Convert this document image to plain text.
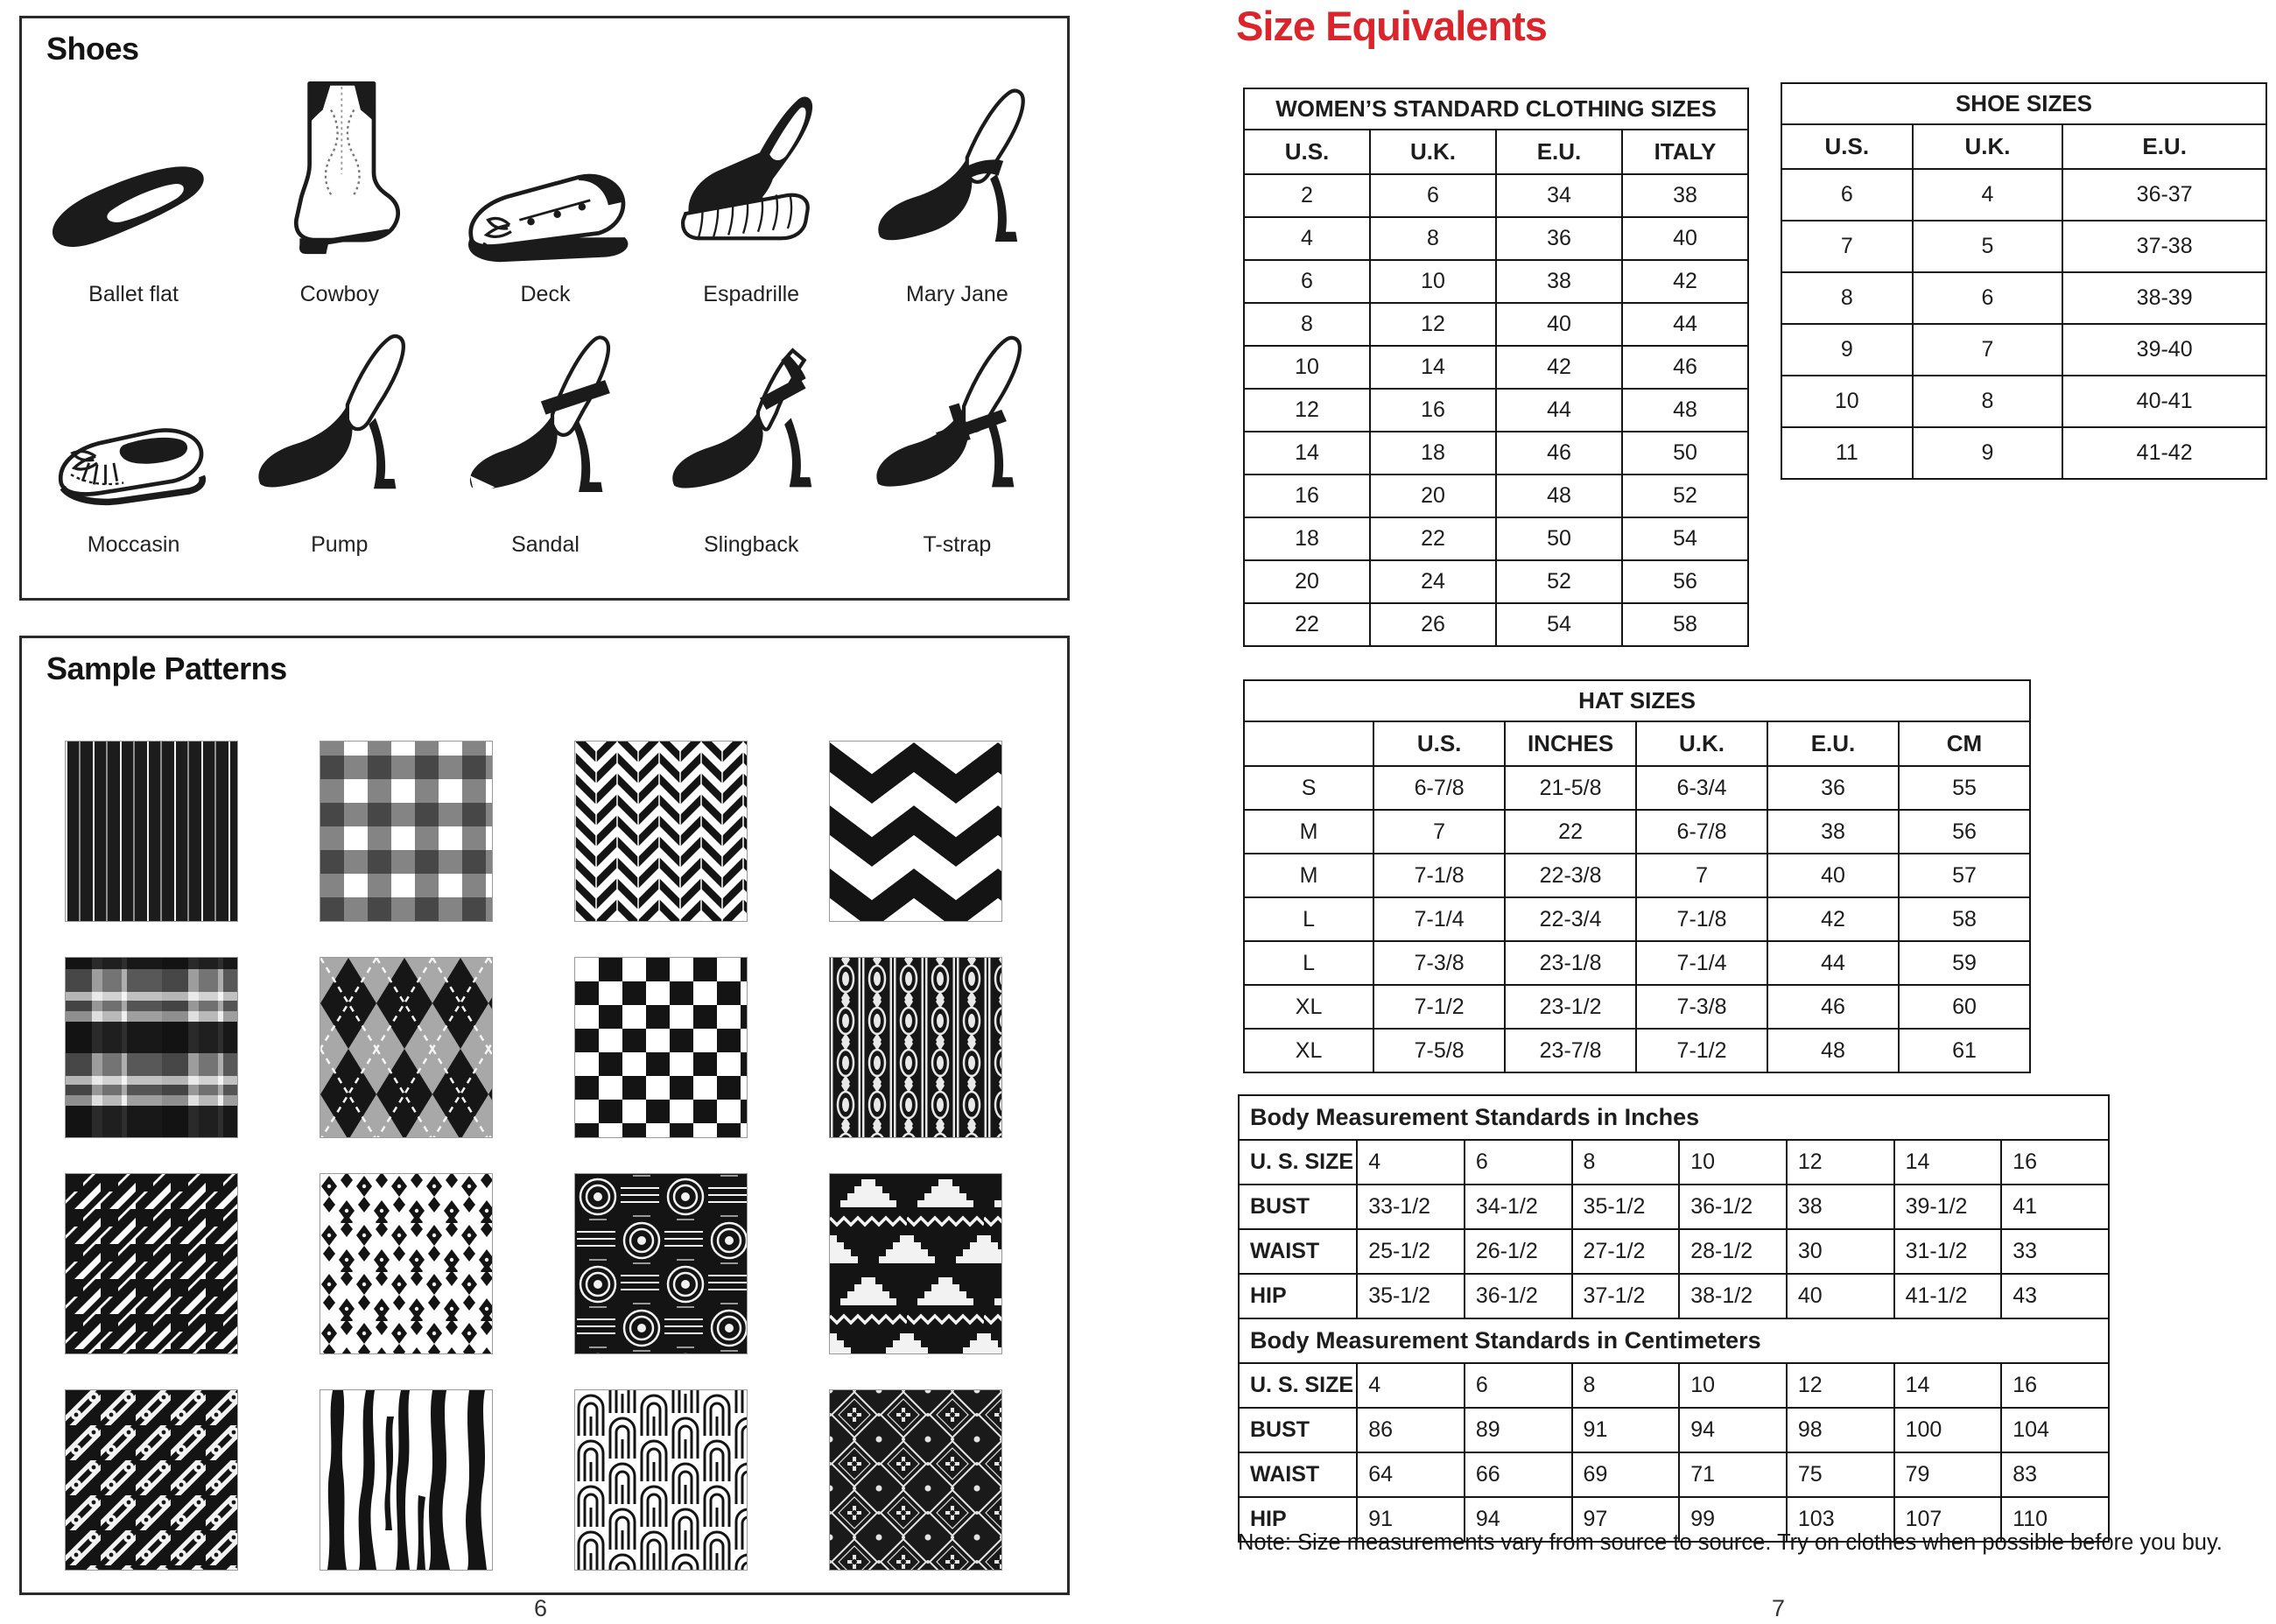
Shoes
Ballet flat	Cowboy	Deck	Espadrille	Mary Jane
Moccasin	Pump	Sandal	Slingback	T-strap
Sample Patterns
Size Equivalents
WOMEN’S STANDARD CLOTHING SIZES			
U.S.	U.K.	E.U.	ITALY
2	6	34	38
4	8	36	40
6	10	38	42
8	12	40	44
10	14	42	46
12	16	44	48
14	18	46	50
16	20	48	52
18	22	50	54
20	24	52	56
22	26	54	58
SHOE SIZES		
U.S.	U.K.	E.U.
6	4	36-37
7	5	37-38
8	6	38-39
9	7	39-40
10	8	40-41
11	9	41-42
HAT SIZES					
	U.S.	INCHES	U.K.	E.U.	CM
S	6-7/8	21-5/8	6-3/4	36	55
M	7	22	6-7/8	38	56
M	7-1/8	22-3/8	7	40	57
L	7-1/4	22-3/4	7-1/8	42	58
L	7-3/8	23-1/8	7-1/4	44	59
XL	7-1/2	23-1/2	7-3/8	46	60
XL	7-5/8	23-7/8	7-1/2	48	61
Body Measurement Standards in Inches							
U. S. SIZE	4	6	8	10	12	14	16
BUST	33-1/2	34-1/2	35-1/2	36-1/2	38	39-1/2	41
WAIST	25-1/2	26-1/2	27-1/2	28-1/2	30	31-1/2	33
HIP	35-1/2	36-1/2	37-1/2	38-1/2	40	41-1/2	43
Body Measurement Standards in Centimeters							
U. S. SIZE	4	6	8	10	12	14	16
BUST	86	89	91	94	98	100	104
WAIST	64	66	69	71	75	79	83
HIP	91	94	97	99	103	107	110

Note: Size measurements vary from source to source. Try on clothes when possible before you buy.

6	7
